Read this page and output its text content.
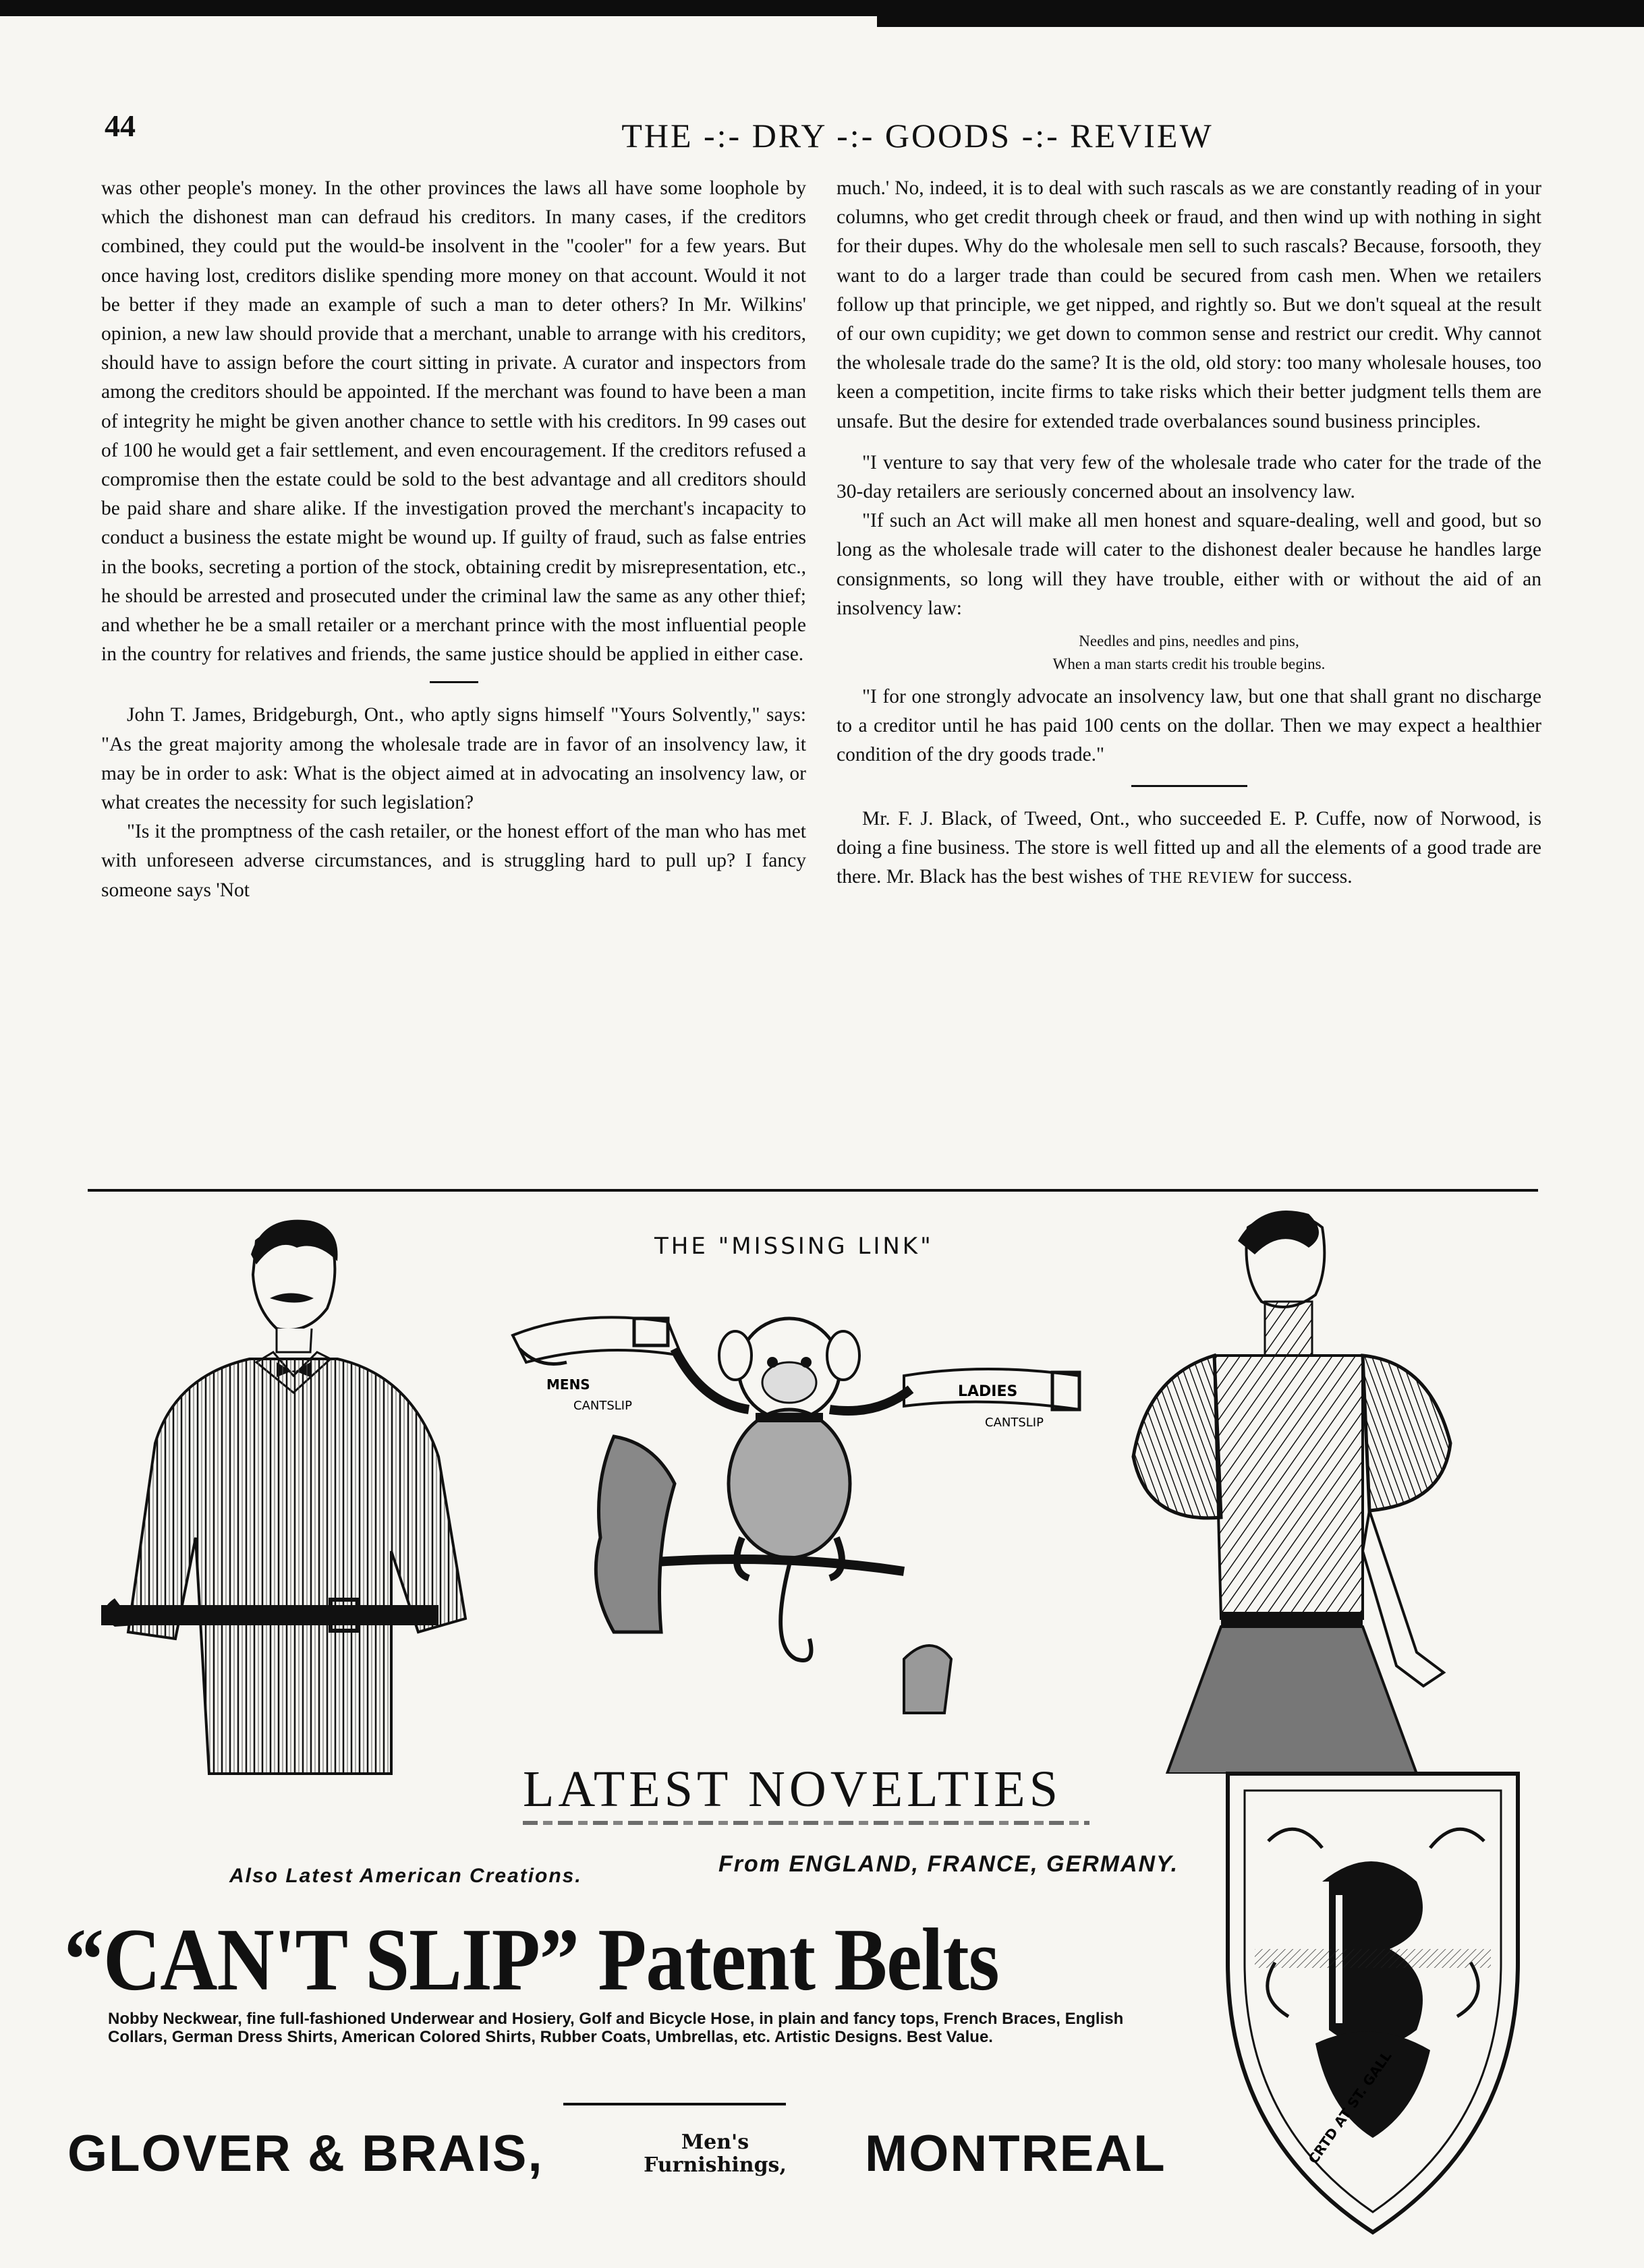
44	THE -:- DRY -:- GOODS -:- REVIEW

was other people's money. In the other provinces the laws all have some loophole by which the dishonest man can defraud his creditors. In many cases, if the creditors combined, they could put the would-be insolvent in the "cooler" for a few years. But once having lost, creditors dislike spending more money on that account. Would it not be better if they made an example of such a man to deter others? In Mr. Wilkins' opinion, a new law should provide that a merchant, unable to arrange with his creditors, should have to assign before the court sitting in private. A curator and inspectors from among the creditors should be appointed. If the merchant was found to have been a man of integrity he might be given another chance to settle with his creditors. In 99 cases out of 100 he would get a fair settlement, and even encouragement. If the creditors refused a compromise then the estate could be sold to the best advantage and all creditors should be paid share and share alike. If the investigation proved the merchant's incapacity to conduct a business the estate might be wound up. If guilty of fraud, such as false entries in the books, secreting a portion of the stock, obtaining credit by misrepresentation, etc., he should be arrested and prosecuted under the criminal law the same as any other thief; and whether he be a small retailer or a merchant prince with the most influential people in the country for relatives and friends, the same justice should be applied in either case.

John T. James, Bridgeburgh, Ont., who aptly signs himself "Yours Solvently," says: "As the great majority among the wholesale trade are in favor of an insolvency law, it may be in order to ask: What is the object aimed at in advocating an insolvency law, or what creates the necessity for such legislation?

"Is it the promptness of the cash retailer, or the honest effort of the man who has met with unforeseen adverse circumstances, and is struggling hard to pull up? I fancy someone says 'Not

much.' No, indeed, it is to deal with such rascals as we are constantly reading of in your columns, who get credit through cheek or fraud, and then wind up with nothing in sight for their dupes. Why do the wholesale men sell to such rascals? Because, forsooth, they want to do a larger trade than could be secured from cash men. When we retailers follow up that principle, we get nipped, and rightly so. But we don't squeal at the result of our own cupidity; we get down to common sense and restrict our credit. Why cannot the wholesale trade do the same? It is the old, old story: too many wholesale houses, too keen a competition, incite firms to take risks which their better judgment tells them are unsafe. But the desire for extended trade overbalances sound business principles.

"I venture to say that very few of the wholesale trade who cater for the trade of the 30-day retailers are seriously concerned about an insolvency law.

"If such an Act will make all men honest and square-dealing, well and good, but so long as the wholesale trade will cater to the dishonest dealer because he handles large consignments, so long will they have trouble, either with or without the aid of an insolvency law:

Needles and pins, needles and pins,
When a man starts credit his trouble begins.

"I for one strongly advocate an insolvency law, but one that shall grant no discharge to a creditor until he has paid 100 cents on the dollar. Then we may expect a healthier condition of the dry goods trade."

Mr. F. J. Black, of Tweed, Ont., who succeeded E. P. Cuffe, now of Norwood, is doing a fine business. The store is well fitted up and all the elements of a good trade are there. Mr. Black has the best wishes of THE REVIEW for success.

THE "MISSING LINK"
MENS
CANTSLIP
LADIES
CANTSLIP
LATEST NOVELTIES
From ENGLAND, FRANCE, GERMANY.
Also Latest American Creations.
“CAN'T SLIP” Patent Belts
Nobby Neckwear, fine full-fashioned Underwear and Hosiery, Golf and Bicycle Hose, in plain and fancy tops, French Braces, English Collars, German Dress Shirts, American Colored Shirts, Rubber Coats, Umbrellas, etc. Artistic Designs. Best Value.
GLOVER & BRAIS,	Men's
Furnishings, MONTREAL	CRTD AT ST. GALL
